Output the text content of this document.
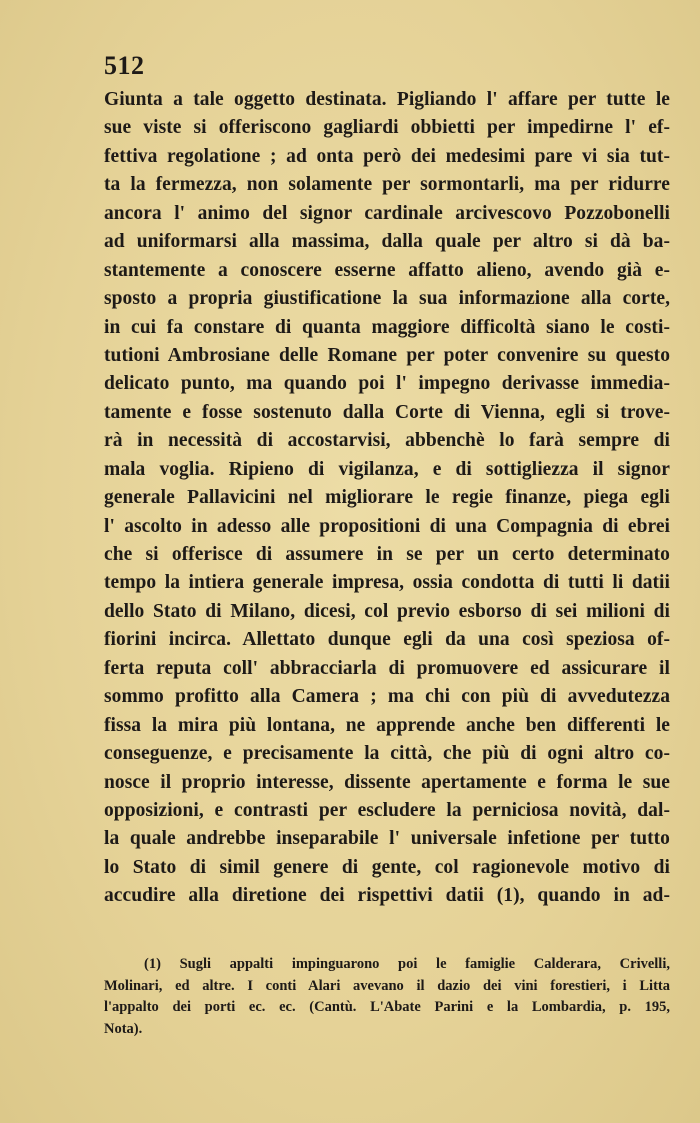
512
Giunta a tale oggetto destinata. Pigliando l' affare per tutte le
sue viste si offeriscono gagliardi obbietti per impedirne l' ef-
fettiva regolatione ; ad onta però dei medesimi pare vi sia tut-
ta la fermezza, non solamente per sormontarli, ma per ridurre
ancora l' animo del signor cardinale arcivescovo Pozzobonelli
ad uniformarsi alla massima, dalla quale per altro si dà ba-
stantemente a conoscere esserne affatto alieno, avendo già e-
sposto a propria giustificatione la sua informazione alla corte,
in cui fa constare di quanta maggiore difficoltà siano le costi-
tutioni Ambrosiane delle Romane per poter convenire su questo
delicato punto, ma quando poi l' impegno derivasse immedia-
tamente e fosse sostenuto dalla Corte di Vienna, egli si trove-
rà in necessità di accostarvisi, abbenchè lo farà sempre di
mala voglia. Ripieno di vigilanza, e di sottigliezza il signor
generale Pallavicini nel migliorare le regie finanze, piega egli
l' ascolto in adesso alle propositioni di una Compagnia di ebrei
che si offerisce di assumere in se per un certo determinato
tempo la intiera generale impresa, ossia condotta di tutti li datii
dello Stato di Milano, dicesi, col previo esborso di sei milioni di
fiorini incirca. Allettato dunque egli da una così speziosa of-
ferta reputa coll' abbracciarla di promuovere ed assicurare il
sommo profitto alla Camera ; ma chi con più di avvedutezza
fissa la mira più lontana, ne apprende anche ben differenti le
conseguenze, e precisamente la città, che più di ogni altro co-
nosce il proprio interesse, dissente apertamente e forma le sue
opposizioni, e contrasti per escludere la perniciosa novità, dal-
la quale andrebbe inseparabile l' universale infetione per tutto
lo Stato di simil genere di gente, col ragionevole motivo di
accudire alla diretione dei rispettivi datii (1), quando in ad-
(1) Sugli appalti impinguarono poi le famiglie Calderara, Crivelli,
Molinari, ed altre. I conti Alari avevano il dazio dei vini forestieri, i Litta
l'appalto dei porti ec. ec. (Cantù. L'Abate Parini e la Lombardia, p. 195,
Nota).
